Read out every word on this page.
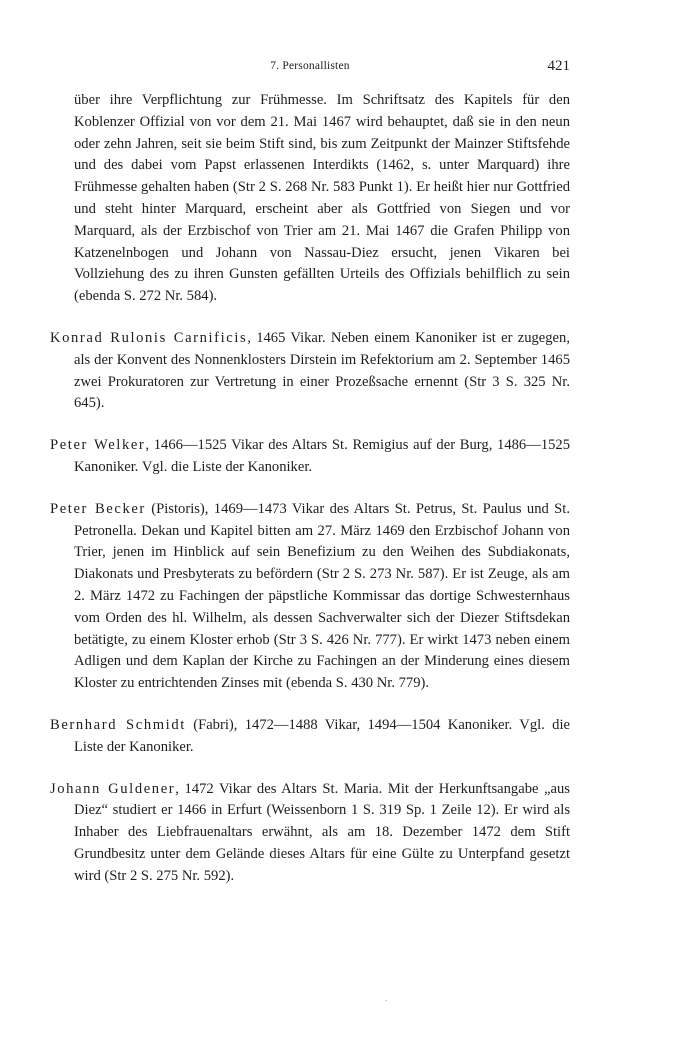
7. Personallisten	421

über ihre Verpflichtung zur Frühmesse. Im Schriftsatz des Kapitels für den Koblenzer Offizial von vor dem 21. Mai 1467 wird behauptet, daß sie in den neun oder zehn Jahren, seit sie beim Stift sind, bis zum Zeitpunkt der Mainzer Stiftsfehde und des dabei vom Papst erlassenen Interdikts (1462, s. unter Marquard) ihre Frühmesse gehalten haben (Str 2 S. 268 Nr. 583 Punkt 1). Er heißt hier nur Gottfried und steht hinter Marquard, erscheint aber als Gottfried von Siegen und vor Marquard, als der Erzbischof von Trier am 21. Mai 1467 die Grafen Philipp von Katzenelnbogen und Johann von Nassau-Diez ersucht, jenen Vikaren bei Vollziehung des zu ihren Gunsten gefällten Urteils des Offizials behilflich zu sein (ebenda S. 272 Nr. 584).

Konrad Rulonis Carnificis, 1465 Vikar. Neben einem Kanoniker ist er zugegen, als der Konvent des Nonnenklosters Dirstein im Refektorium am 2. September 1465 zwei Prokuratoren zur Vertretung in einer Prozeßsache ernennt (Str 3 S. 325 Nr. 645).

Peter Welker, 1466—1525 Vikar des Altars St. Remigius auf der Burg, 1486—1525 Kanoniker. Vgl. die Liste der Kanoniker.

Peter Becker (Pistoris), 1469—1473 Vikar des Altars St. Petrus, St. Paulus und St. Petronella. Dekan und Kapitel bitten am 27. März 1469 den Erzbischof Johann von Trier, jenen im Hinblick auf sein Benefizium zu den Weihen des Subdiakonats, Diakonats und Presbyterats zu befördern (Str 2 S. 273 Nr. 587). Er ist Zeuge, als am 2. März 1472 zu Fachingen der päpstliche Kommissar das dortige Schwesternhaus vom Orden des hl. Wilhelm, als dessen Sachverwalter sich der Diezer Stiftsdekan betätigte, zu einem Kloster erhob (Str 3 S. 426 Nr. 777). Er wirkt 1473 neben einem Adligen und dem Kaplan der Kirche zu Fachingen an der Minderung eines diesem Kloster zu entrichtenden Zinses mit (ebenda S. 430 Nr. 779).

Bernhard Schmidt (Fabri), 1472—1488 Vikar, 1494—1504 Kanoniker. Vgl. die Liste der Kanoniker.

Johann Guldener, 1472 Vikar des Altars St. Maria. Mit der Herkunftsangabe „aus Diez“ studiert er 1466 in Erfurt (Weissenborn 1 S. 319 Sp. 1 Zeile 12). Er wird als Inhaber des Liebfrauenaltars erwähnt, als am 18. Dezember 1472 dem Stift Grundbesitz unter dem Gelände dieses Altars für eine Gülte zu Unterpfand gesetzt wird (Str 2 S. 275 Nr. 592).
